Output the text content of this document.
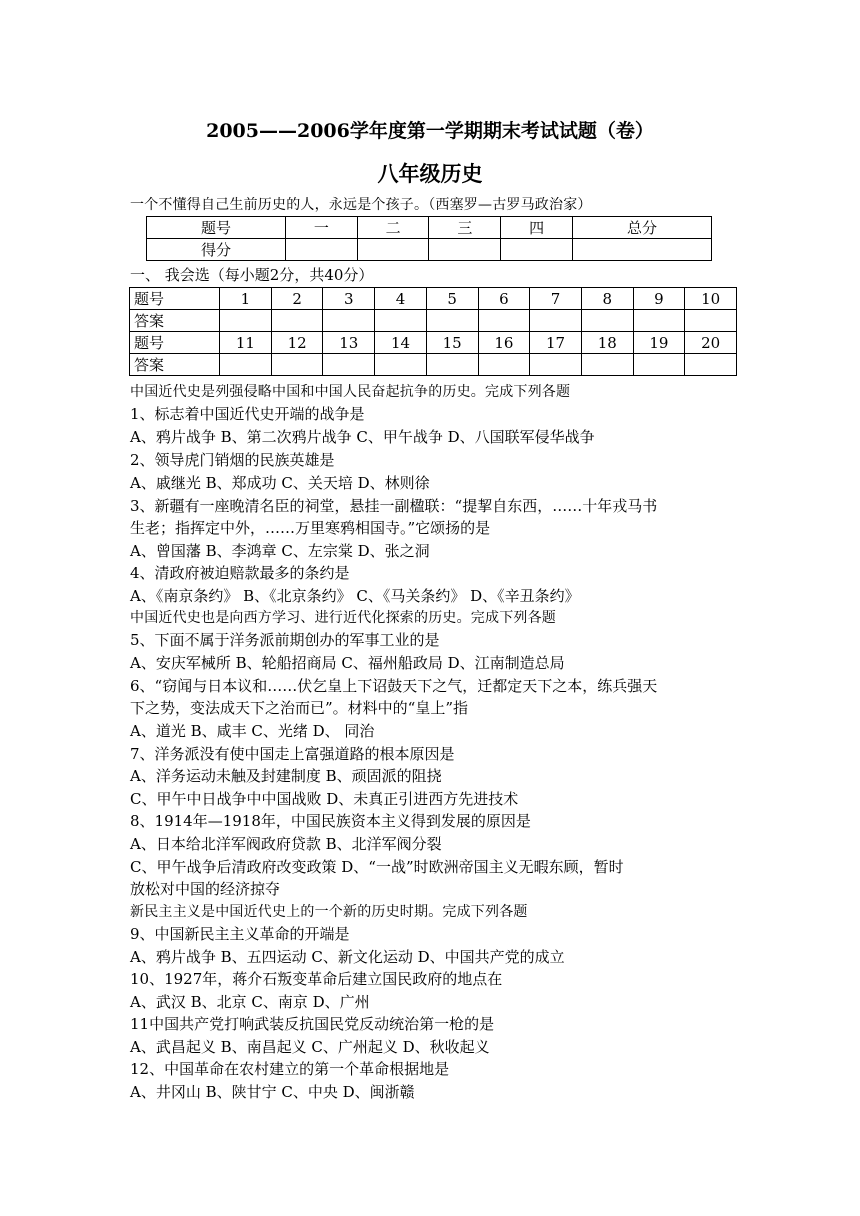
2005——2006学年度第一学期期末考试试题（卷）
八年级历史
一个不懂得自己生前历史的人，永远是个孩子。（西塞罗—古罗马政治家）
题号	一	二	三	四	总分
得分					
一、 我会选（每小题2分，共40分）
题号	1	2	3	4	5	6	7	8	9	10
答案										
题号	11	12	13	14	15	16	17	18	19	20
答案										
中国近代史是列强侵略中国和中国人民奋起抗争的历史。完成下列各题
1、标志着中国近代史开端的战争是
A、鸦片战争 B、第二次鸦片战争 C、甲午战争 D、八国联军侵华战争
2、领导虎门销烟的民族英雄是
A、戚继光 B、郑成功 C、关天培 D、林则徐
3、新疆有一座晚清名臣的祠堂，悬挂一副楹联：“提挈自东西，……十年戎马书
生老；指挥定中外，……万里寒鸦相国寺。”它颂扬的是
A、曾国藩 B、李鸿章 C、左宗棠 D、张之洞
4、清政府被迫赔款最多的条约是
A、《南京条约》 B、《北京条约》 C、《马关条约》 D、《辛丑条约》
中国近代史也是向西方学习、进行近代化探索的历史。完成下列各题
5、下面不属于洋务派前期创办的军事工业的是
A、安庆军械所 B、轮船招商局 C、福州船政局 D、江南制造总局
6、“窃闻与日本议和……伏乞皇上下诏鼓天下之气，迁都定天下之本，练兵强天
下之势，变法成天下之治而已”。材料中的“皇上”指
A、道光 B、咸丰 C、光绪 D、 同治
7、洋务派没有使中国走上富强道路的根本原因是
A、洋务运动未触及封建制度 B、顽固派的阻挠
C、甲午中日战争中中国战败 D、未真正引进西方先进技术
8、1914年—1918年，中国民族资本主义得到发展的原因是
A、日本给北洋军阀政府贷款 B、北洋军阀分裂
C、甲午战争后清政府改变政策 D、“一战”时欧洲帝国主义无暇东顾，暂时
放松对中国的经济掠夺
新民主主义是中国近代史上的一个新的历史时期。完成下列各题
9、中国新民主主义革命的开端是
A、鸦片战争 B、五四运动 C、新文化运动 D、中国共产党的成立
10、1927年，蒋介石叛变革命后建立国民政府的地点在
A、武汉 B、北京 C、南京 D、广州
11中国共产党打响武装反抗国民党反动统治第一枪的是
A、武昌起义 B、南昌起义 C、广州起义 D、秋收起义
12、中国革命在农村建立的第一个革命根据地是
A、井冈山 B、陕甘宁 C、中央 D、闽浙赣
